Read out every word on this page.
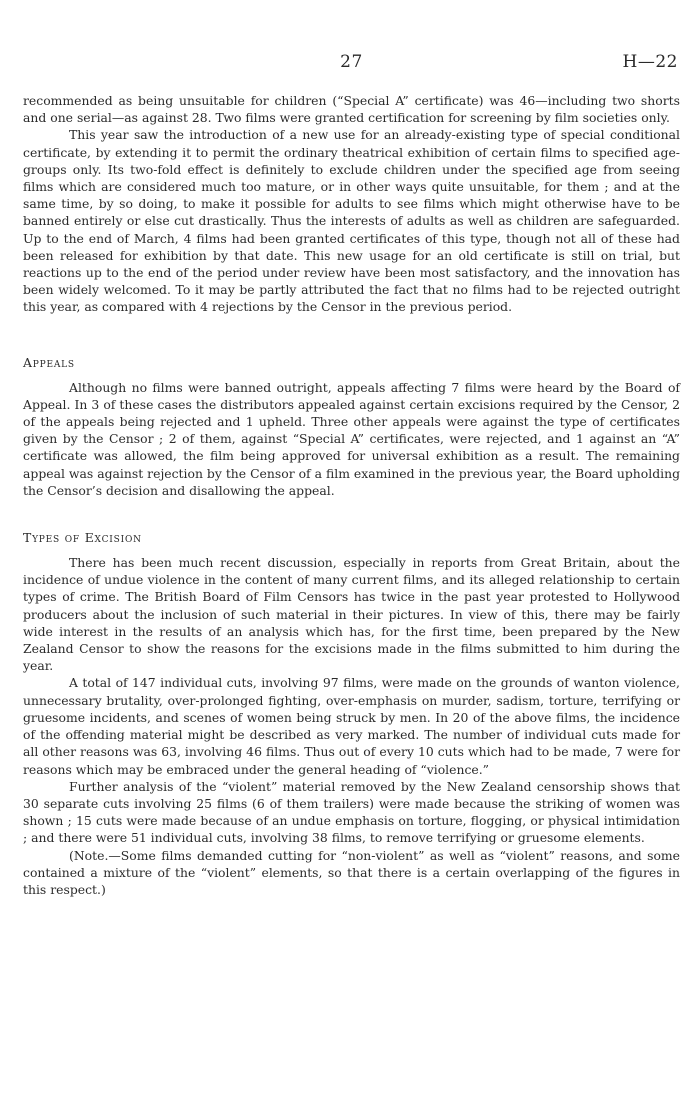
27	H—22

recommended as being unsuitable for children (“Special A” certificate) was 46—including two shorts and one serial—as against 28. Two films were granted certification for screening by film societies only.

This year saw the introduction of a new use for an already-existing type of special conditional certificate, by extending it to permit the ordinary theatrical exhibition of certain films to specified age-groups only. Its two-fold effect is definitely to exclude children under the specified age from seeing films which are considered much too mature, or in other ways quite unsuitable, for them ; and at the same time, by so doing, to make it possible for adults to see films which might otherwise have to be banned entirely or else cut drastically. Thus the interests of adults as well as children are safeguarded. Up to the end of March, 4 films had been granted certificates of this type, though not all of these had been released for exhibition by that date. This new usage for an old certificate is still on trial, but reactions up to the end of the period under review have been most satisfactory, and the innovation has been widely welcomed. To it may be partly attributed the fact that no films had to be rejected outright this year, as compared with 4 rejections by the Censor in the previous period.

Appeals

Although no films were banned outright, appeals affecting 7 films were heard by the Board of Appeal. In 3 of these cases the distributors appealed against certain excisions required by the Censor, 2 of the appeals being rejected and 1 upheld. Three other appeals were against the type of certificates given by the Censor ; 2 of them, against “Special A” certificates, were rejected, and 1 against an “A” certificate was allowed, the film being approved for universal exhibition as a result. The remaining appeal was against rejection by the Censor of a film examined in the previous year, the Board upholding the Censor’s decision and disallowing the appeal.

Types of Excision

There has been much recent discussion, especially in reports from Great Britain, about the incidence of undue violence in the content of many current films, and its alleged relationship to certain types of crime. The British Board of Film Censors has twice in the past year protested to Hollywood producers about the inclusion of such material in their pictures. In view of this, there may be fairly wide interest in the results of an analysis which has, for the first time, been prepared by the New Zealand Censor to show the reasons for the excisions made in the films submitted to him during the year.

A total of 147 individual cuts, involving 97 films, were made on the grounds of wanton violence, unnecessary brutality, over-prolonged fighting, over-emphasis on murder, sadism, torture, terrifying or gruesome incidents, and scenes of women being struck by men. In 20 of the above films, the incidence of the offending material might be described as very marked. The number of individual cuts made for all other reasons was 63, involving 46 films. Thus out of every 10 cuts which had to be made, 7 were for reasons which may be embraced under the general heading of “violence.”

Further analysis of the “violent” material removed by the New Zealand censorship shows that 30 separate cuts involving 25 films (6 of them trailers) were made because the striking of women was shown ; 15 cuts were made because of an undue emphasis on torture, flogging, or physical intimidation ; and there were 51 individual cuts, involving 38 films, to remove terrifying or gruesome elements.

(Note.—Some films demanded cutting for “non-violent” as well as “violent” reasons, and some contained a mixture of the “violent” elements, so that there is a certain overlapping of the figures in this respect.)
